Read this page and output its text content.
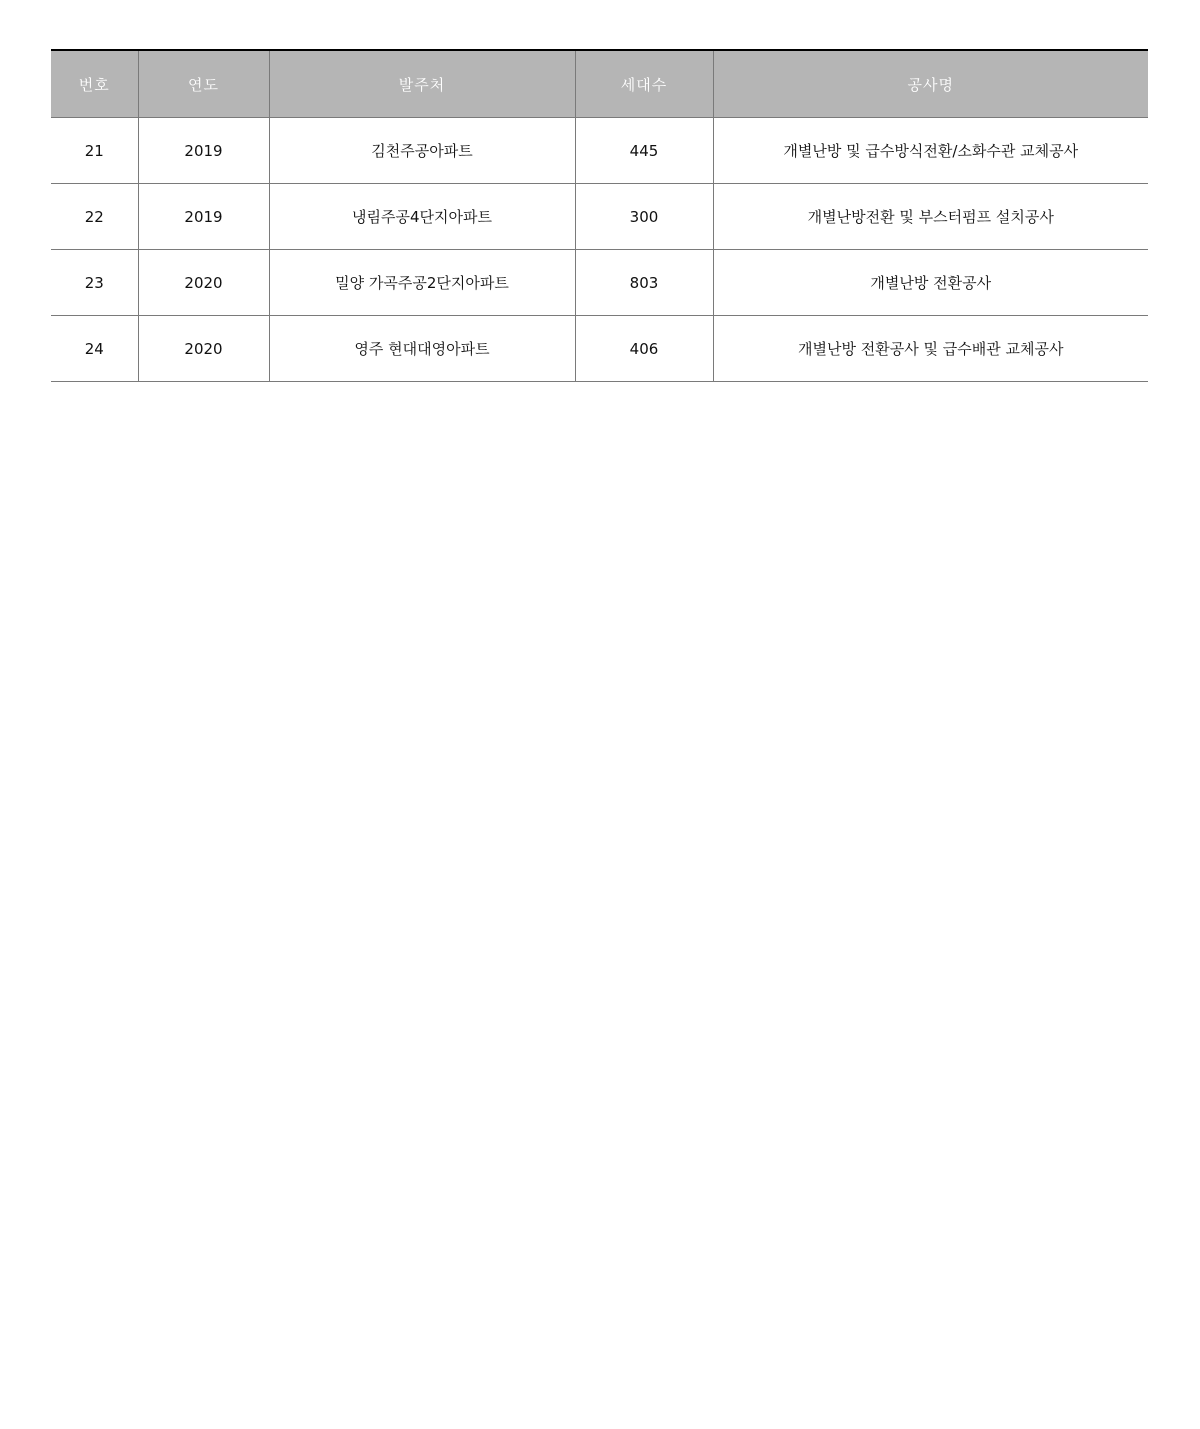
번호	연도	발주처	세대수	공사명
21	2019	김천주공아파트	445	개별난방 및 급수방식전환/소화수관 교체공사
22	2019	냉림주공4단지아파트	300	개별난방전환 및 부스터펌프 설치공사
23	2020	밀양 가곡주공2단지아파트	803	개별난방 전환공사
24	2020	영주 현대대영아파트	406	개별난방 전환공사 및 급수배관 교체공사
